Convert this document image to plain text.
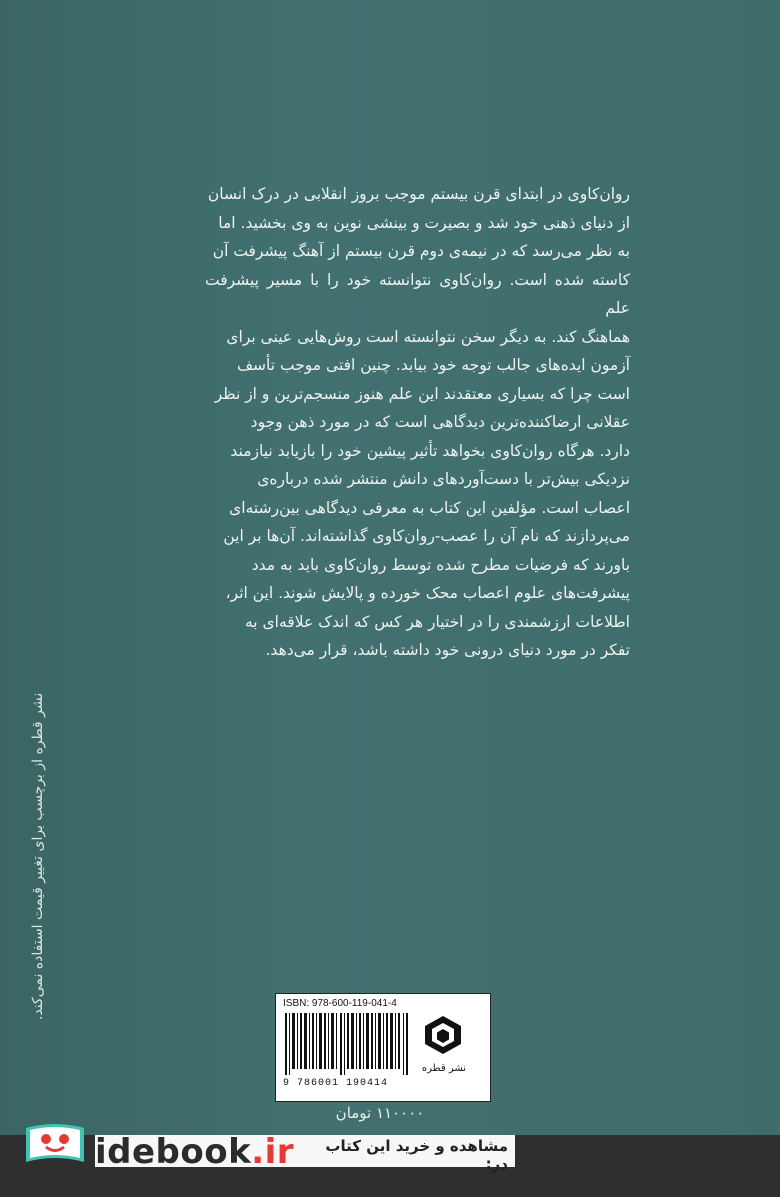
روان‌کاوی در ابتدای قرن بیستم موجب بروز انقلابی در درک انسان

از دنیای ذهنی خود شد و بصیرت و بینشی نوین به وی بخشید. اما

به نظر می‌رسد که در نیمه‌ی دوم قرن بیستم از آهنگ پیشرفت آن

کاسته شده است. روان‌کاوی نتوانسته خود را با مسیر پیشرفت علم

هماهنگ کند. به دیگر سخن نتوانسته است روش‌هایی عینی برای

آزمون ایده‌های جالب توجه خود بیابد. چنین افتی موجب تأسف

است چرا که بسیاری معتقدند این علم هنوز منسجم‌ترین و از نظر

عقلانی ارضاکننده‌ترین دیدگاهی است که در مورد ذهن وجود

دارد. هرگاه روان‌کاوی بخواهد تأثیر پیشین خود را بازیابد نیازمند

نزدیکی بیش‌تر با دست‌آوردهای دانش منتشر شده درباره‌ی

اعصاب است. مؤلفین این کتاب به معرفی دیدگاهی بین‌رشته‌ای

می‌پردازند که نام آن را عصب-روان‌کاوی گذاشته‌اند. آن‌ها بر این

باورند که فرضیات مطرح شده توسط روان‌کاوی باید به مدد

پیشرفت‌های علوم اعصاب محک خورده و پالایش شوند. این اثر،

اطلاعات ارزشمندی را در اختیار هر کس که اندک علاقه‌ای به

تفکر در مورد دنیای درونی خود داشته باشد، قرار می‌دهد.

نشر قطره از برچسب برای تغییر قیمت استفاده نمی‌کند.	ISBN: 978-600-119-041-4
9 786001 190414
نشر قطره
۱۱۰۰۰۰ تومان
idebook.ir	مشاهده و خرید این کتاب در:
